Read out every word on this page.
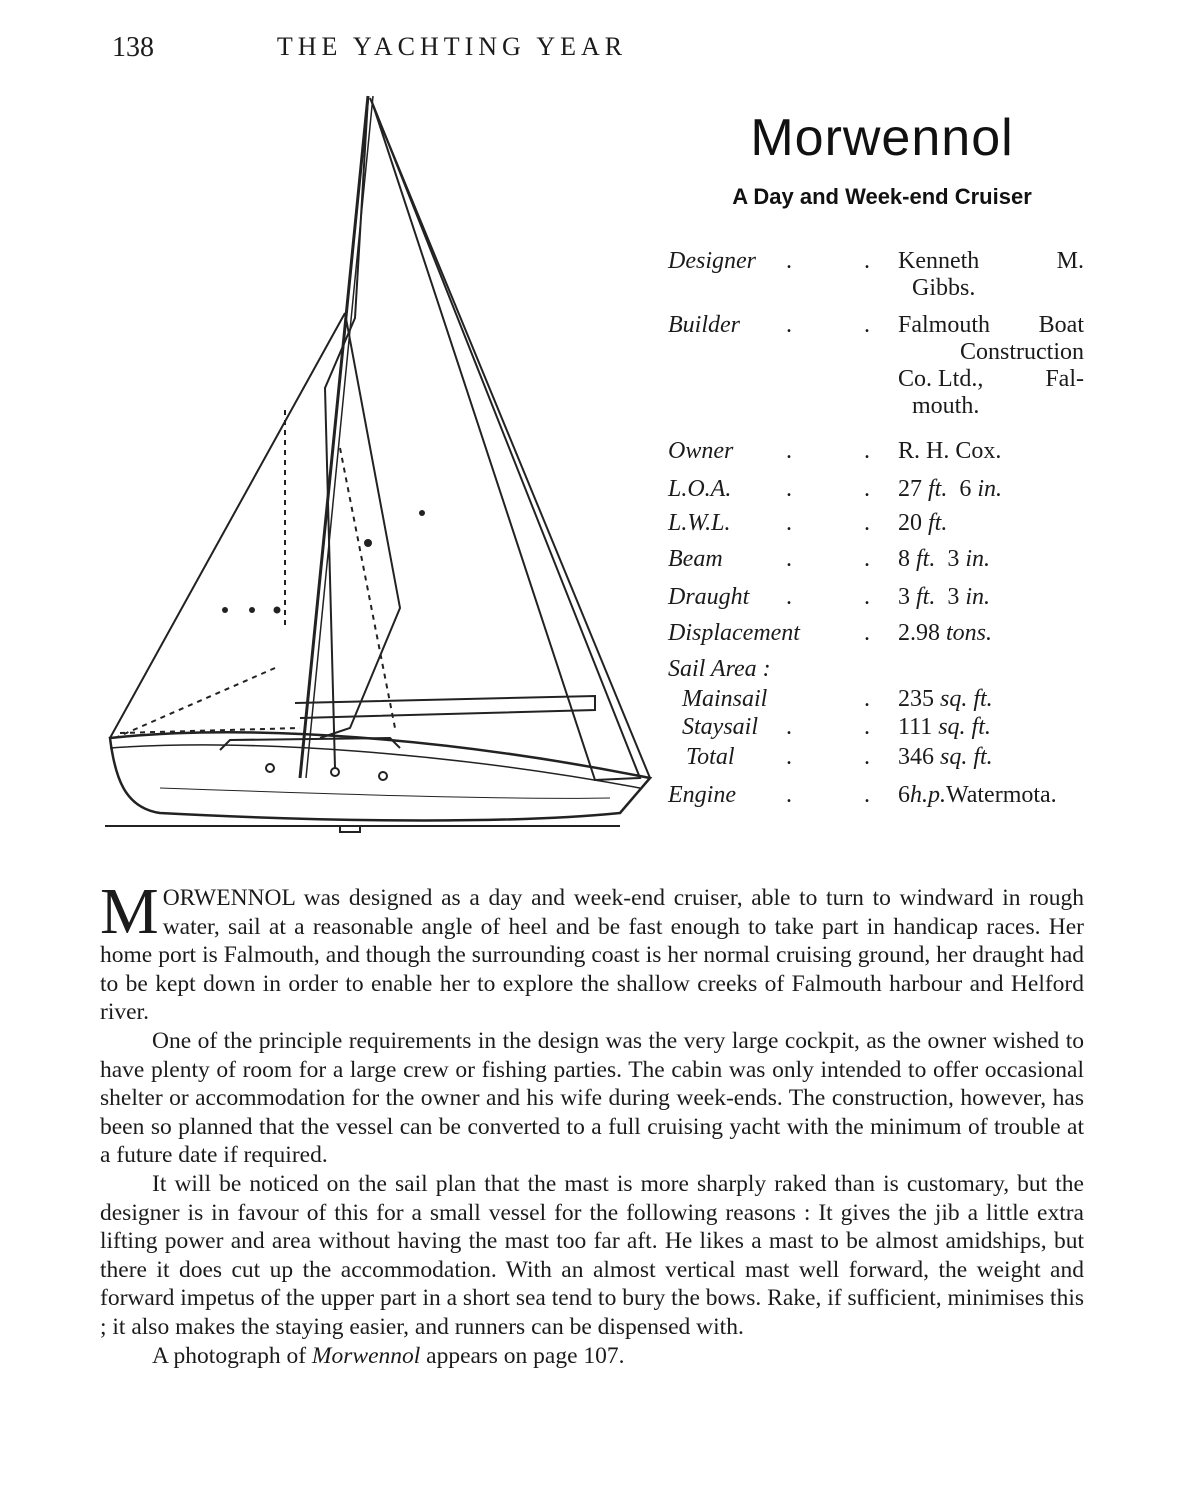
138	THE YACHTING YEAR
Morwennol
A Day and Week-end Cruiser
Designer .	. Kenneth	M.
Gibbs.
Builder .	. Falmouth Boat
Construction
Co. Ltd.,	Fal-
mouth.
Owner .	. R. H. Cox.
L.O.A. .	. 27 ft. 6 in.
L.W.L. .	. 20 ft.
Beam	.	. 8 ft. 3 in.
Draught .	. 3 ft. 3 in.
Displacement	. 2.98 tons.
Sail Area :
Mainsail	. 235 sq. ft.
Staysail .	. 111 sq. ft.
Total .	. 346 sq. ft.
Engine .	. 6h.p.Watermota.

MORWENNOL was designed as a day and week-end cruiser, able to turn to windward in rough water, sail at a reasonable angle of heel and be fast enough to take part in handicap races. Her home port is Falmouth, and though the surrounding coast is her normal cruising ground, her draught had to be kept down in order to enable her to explore the shallow creeks of Falmouth harbour and Helford river.

One of the principle requirements in the design was the very large cockpit, as the owner wished to have plenty of room for a large crew or fishing parties. The cabin was only intended to offer occasional shelter or accommodation for the owner and his wife during week-ends. The construction, however, has been so planned that the vessel can be converted to a full cruising yacht with the minimum of trouble at a future date if required.

It will be noticed on the sail plan that the mast is more sharply raked than is customary, but the designer is in favour of this for a small vessel for the following reasons : It gives the jib a little extra lifting power and area without having the mast too far aft. He likes a mast to be almost amidships, but there it does cut up the accommodation. With an almost vertical mast well forward, the weight and forward impetus of the upper part in a short sea tend to bury the bows. Rake, if sufficient, minimises this ; it also makes the staying easier, and runners can be dispensed with.

A photograph of Morwennol appears on page 107.
